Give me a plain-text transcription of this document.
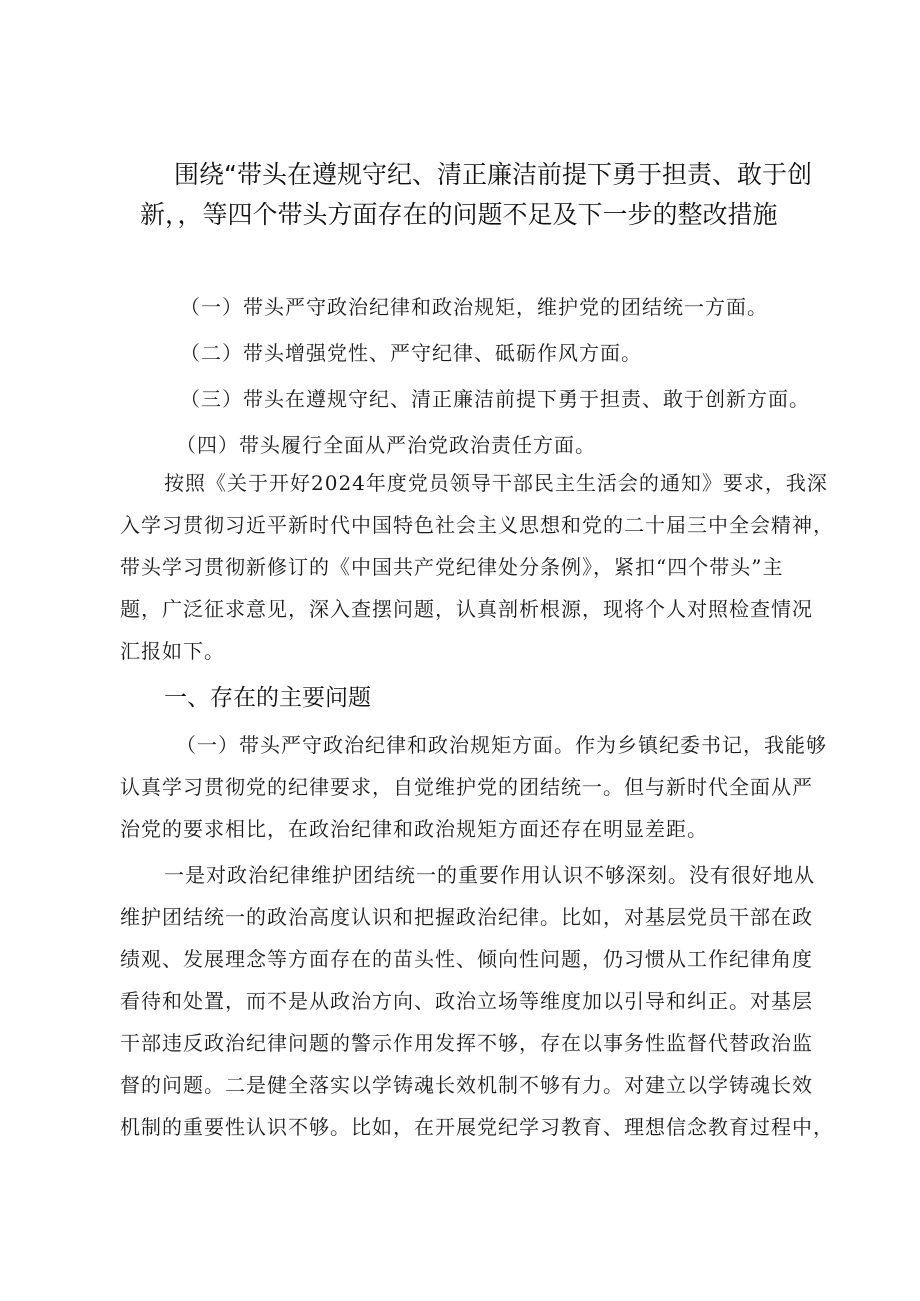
围绕“带头在遵规守纪、清正廉洁前提下勇于担责、敢于创
新，，等四个带头方面存在的问题不足及下一步的整改措施
（一）带头严守政治纪律和政治规矩，维护党的团结统一方面。
（二）带头增强党性、严守纪律、砥砺作风方面。
（三）带头在遵规守纪、清正廉洁前提下勇于担责、敢于创新方面。
（四）带头履行全面从严治党政治责任方面。

按照《关于开好2024年度党员领导干部民主生活会的通知》要求，我深
入学习贯彻习近平新时代中国特色社会主义思想和党的二十届三中全会精神，
带头学习贯彻新修订的《中国共产党纪律处分条例》，紧扣“四个带头”主
题，广泛征求意见，深入查摆问题，认真剖析根源，现将个人对照检查情况
汇报如下。

一、存在的主要问题

（一）带头严守政治纪律和政治规矩方面。作为乡镇纪委书记，我能够
认真学习贯彻党的纪律要求，自觉维护党的团结统一。但与新时代全面从严
治党的要求相比，在政治纪律和政治规矩方面还存在明显差距。

一是对政治纪律维护团结统一的重要作用认识不够深刻。没有很好地从
维护团结统一的政治高度认识和把握政治纪律。比如，对基层党员干部在政
绩观、发展理念等方面存在的苗头性、倾向性问题，仍习惯从工作纪律角度
看待和处置，而不是从政治方向、政治立场等维度加以引导和纠正。对基层
干部违反政治纪律问题的警示作用发挥不够，存在以事务性监督代替政治监
督的问题。二是健全落实以学铸魂长效机制不够有力。对建立以学铸魂长效
机制的重要性认识不够。比如，在开展党纪学习教育、理想信念教育过程中，
